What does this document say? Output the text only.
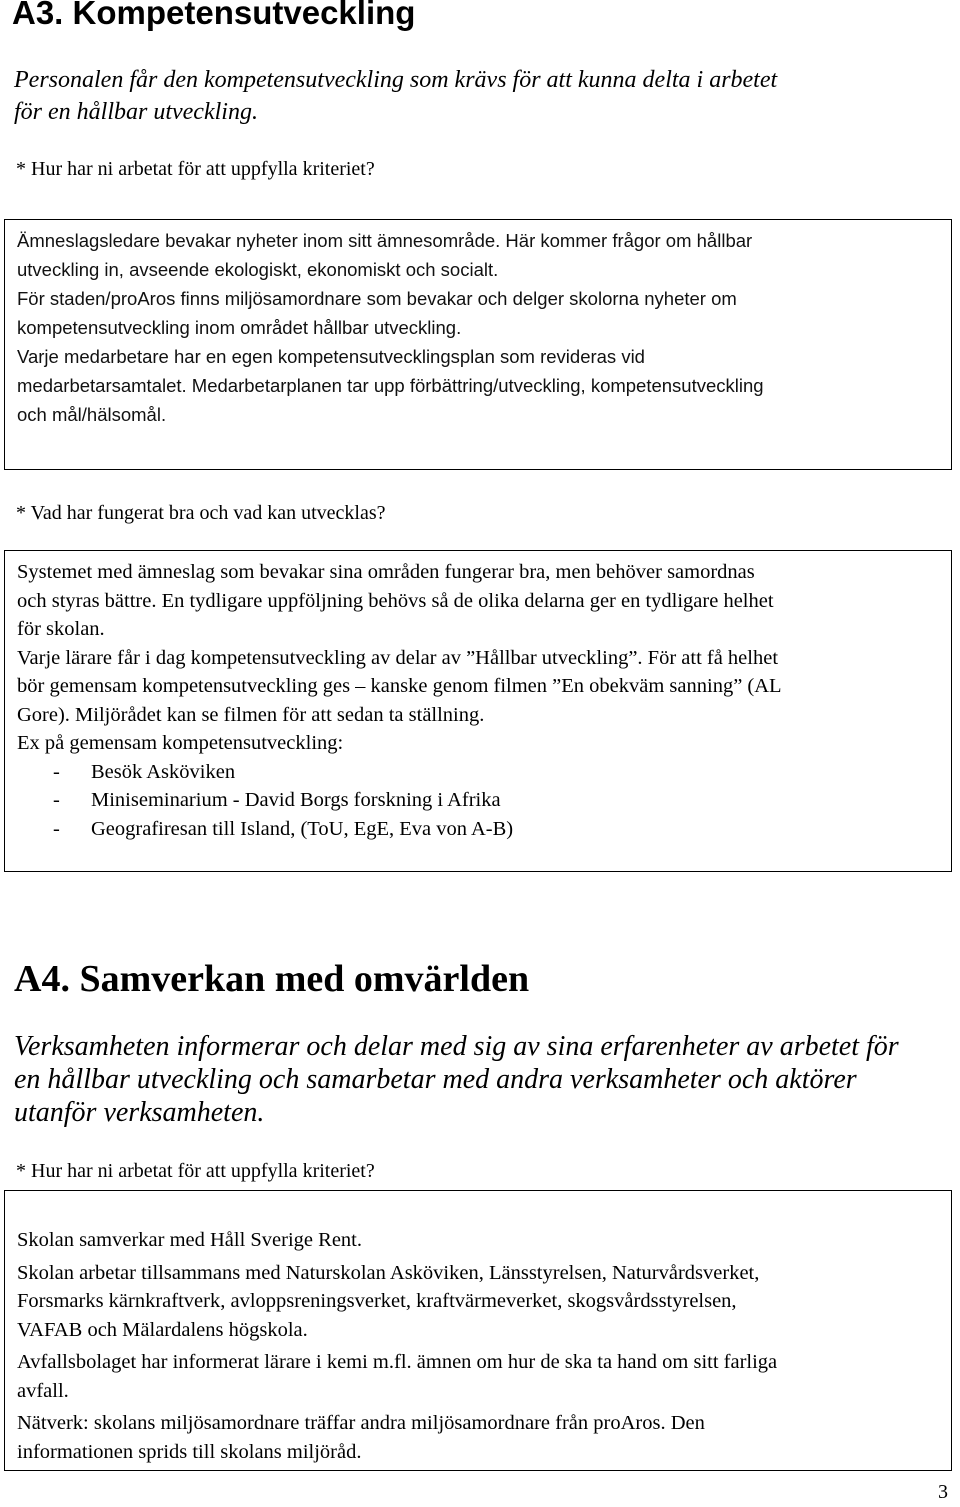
A3. Kompetensutveckling
Personalen får den kompetensutveckling som krävs för att kunna delta i arbetet
för en hållbar utveckling.

* Hur har ni arbetat för att uppfylla kriteriet?

Ämneslagsledare bevakar nyheter inom sitt ämnesområde. Här kommer frågor om hållbar

utveckling in, avseende ekologiskt, ekonomiskt och socialt.

För staden/proAros finns miljösamordnare som bevakar och delger skolorna nyheter om

kompetensutveckling inom området hållbar utveckling.

Varje medarbetare har en egen kompetensutvecklingsplan som revideras vid

medarbetarsamtalet. Medarbetarplanen tar upp förbättring/utveckling, kompetensutveckling

och mål/hälsomål.

* Vad har fungerat bra och vad kan utvecklas?

Systemet med ämneslag som bevakar sina områden fungerar bra, men behöver samordnas

och styras bättre. En tydligare uppföljning behövs så de olika delarna ger en tydligare helhet

för skolan.

Varje lärare får i dag kompetensutveckling av delar av ”Hållbar utveckling”. För att få helhet

bör gemensam kompetensutveckling ges – kanske genom filmen ”En obekväm sanning” (AL

Gore). Miljörådet kan se filmen för att sedan ta ställning.

Ex på gemensam kompetensutveckling:

- Besök Asköviken
- Miniseminarium - David Borgs forskning i Afrika
- Geografiresan till Island, (ToU, EgE, Eva von A-B)
A4. Samverkan med omvärlden
Verksamheten informerar och delar med sig av sina erfarenheter av arbetet för
en hållbar utveckling och samarbetar med andra verksamheter och aktörer
utanför verksamheten.

* Hur har ni arbetat för att uppfylla kriteriet?

Skolan samverkar med Håll Sverige Rent.

Skolan arbetar tillsammans med Naturskolan Asköviken, Länsstyrelsen, Naturvårdsverket,

Forsmarks kärnkraftverk, avloppsreningsverket, kraftvärmeverket, skogsvårdsstyrelsen,

VAFAB och Mälardalens högskola.

Avfallsbolaget har informerat lärare i kemi m.fl. ämnen om hur de ska ta hand om sitt farliga

avfall.

Nätverk: skolans miljösamordnare träffar andra miljösamordnare från proAros. Den

informationen sprids till skolans miljöråd.

3
